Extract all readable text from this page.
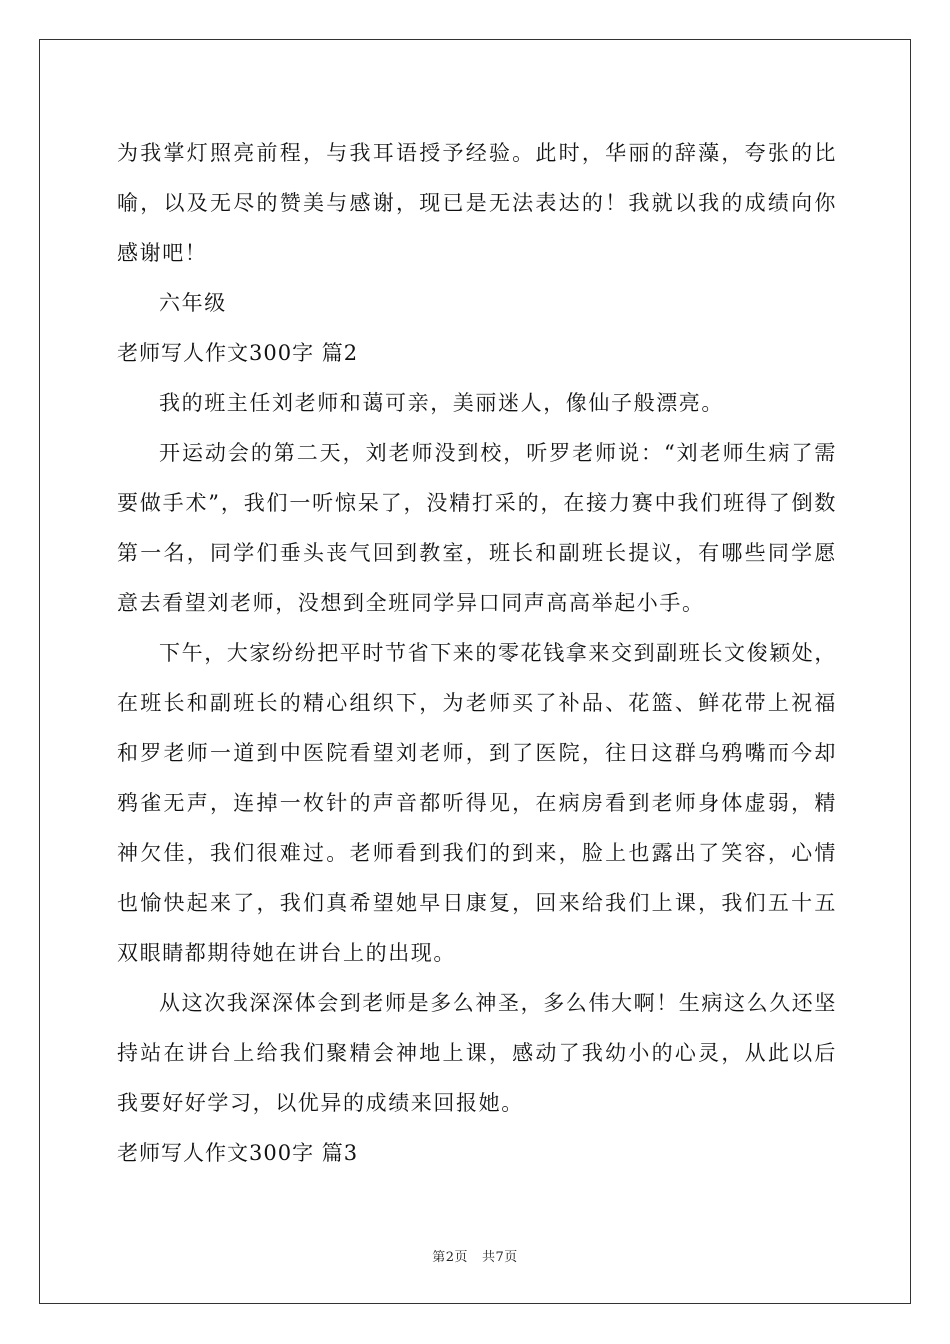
为我掌灯照亮前程，与我耳语授予经验。此时，华丽的辞藻，夸张的比喻，以及无尽的赞美与感谢，现已是无法表达的！我就以我的成绩向你感谢吧！

六年级

老师写人作文300字 篇2

我的班主任刘老师和蔼可亲，美丽迷人，像仙子般漂亮。

开运动会的第二天，刘老师没到校，听罗老师说：“刘老师生病了需要做手术”，我们一听惊呆了，没精打采的，在接力赛中我们班得了倒数第一名，同学们垂头丧气回到教室，班长和副班长提议，有哪些同学愿意去看望刘老师，没想到全班同学异口同声高高举起小手。

下午，大家纷纷把平时节省下来的零花钱拿来交到副班长文俊颖处，在班长和副班长的精心组织下，为老师买了补品、花篮、鲜花带上祝福和罗老师一道到中医院看望刘老师，到了医院，往日这群乌鸦嘴而今却鸦雀无声，连掉一枚针的声音都听得见，在病房看到老师身体虚弱，精神欠佳，我们很难过。老师看到我们的到来，脸上也露出了笑容，心情也愉快起来了，我们真希望她早日康复，回来给我们上课，我们五十五双眼睛都期待她在讲台上的出现。

从这次我深深体会到老师是多么神圣，多么伟大啊！生病这么久还坚持站在讲台上给我们聚精会神地上课，感动了我幼小的心灵，从此以后我要好好学习，以优异的成绩来回报她。

老师写人作文300字 篇3

第2页 共7页
